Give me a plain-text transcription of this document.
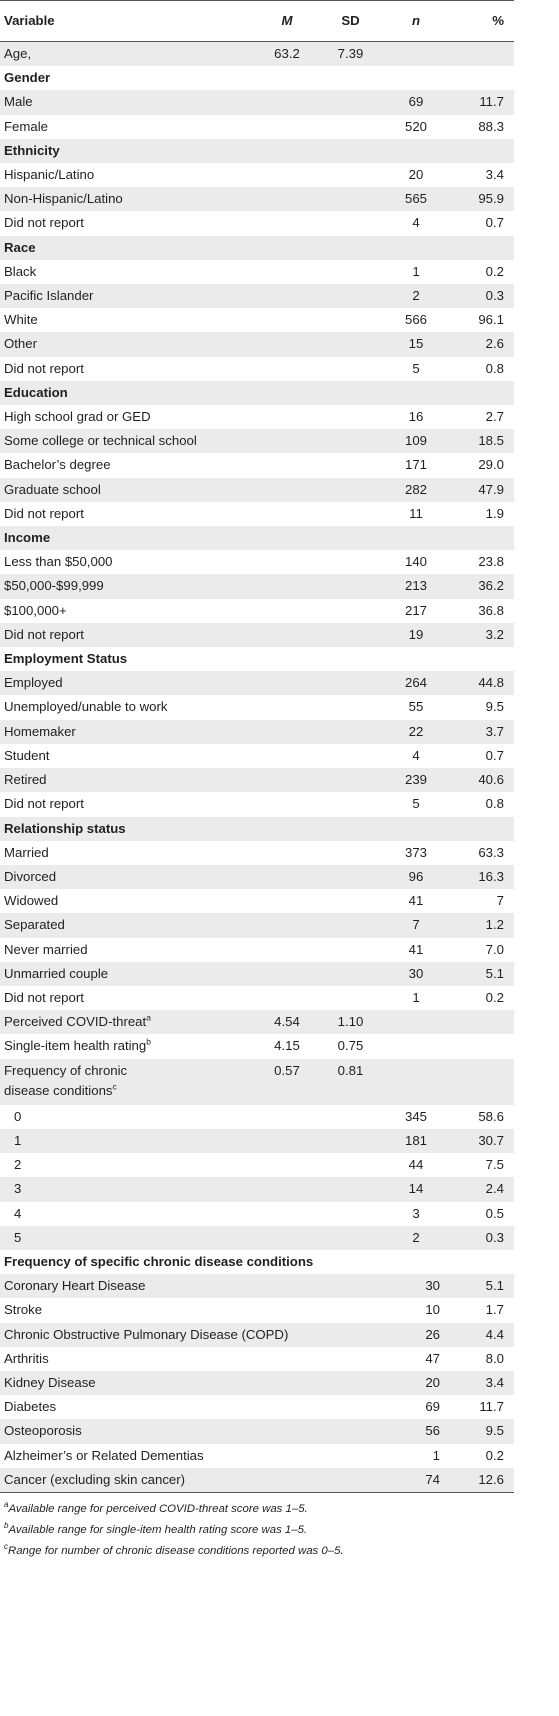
Variable	M	SD	n	%
Age,	63.2	7.39		
Gender				
Male			69	11.7
Female			520	88.3
Ethnicity				
Hispanic/Latino			20	3.4
Non-Hispanic/Latino			565	95.9
Did not report			4	0.7
Race				
Black			1	0.2
Pacific Islander			2	0.3
White			566	96.1
Other			15	2.6
Did not report			5	0.8
Education				
High school grad or GED			16	2.7
Some college or technical school			109	18.5
Bachelor’s degree			171	29.0
Graduate school			282	47.9
Did not report			11	1.9
Income				
Less than $50,000			140	23.8
$50,000-$99,999			213	36.2
$100,000+			217	36.8
Did not report			19	3.2
Employment Status				
Employed			264	44.8
Unemployed/unable to work			55	9.5
Homemaker			22	3.7
Student			4	0.7
Retired			239	40.6
Did not report			5	0.8
Relationship status				
Married			373	63.3
Divorced			96	16.3
Widowed			41	7
Separated			7	1.2
Never married			41	7.0
Unmarried couple			30	5.1
Did not report			1	0.2
Perceived COVID-threat$^a$	4.54	1.10		
Single-item health rating$^b$	4.15	0.75		
Frequency of chronic	0.57	0.81		
disease conditions$^c$
0			345	58.6
1			181	30.7
2			44	7.5
3			14	2.4
4			3	0.5
5			2	0.3
Frequency of specific chronic disease conditions				
Coronary Heart Disease			30	5.1
Stroke			10	1.7
Chronic Obstructive Pulmonary Disease (COPD)			26	4.4
Arthritis			47	8.0
Kidney Disease			20	3.4
Diabetes			69	11.7
Osteoporosis			56	9.5
Alzheimer’s or Related Dementias			1	0.2
Cancer (excluding skin cancer)			74	12.6
$^a$Available range for perceived COVID-threat score was 1–5.
$^b$Available range for single-item health rating score was 1–5.
$^c$Range for number of chronic disease conditions reported was 0–5.
